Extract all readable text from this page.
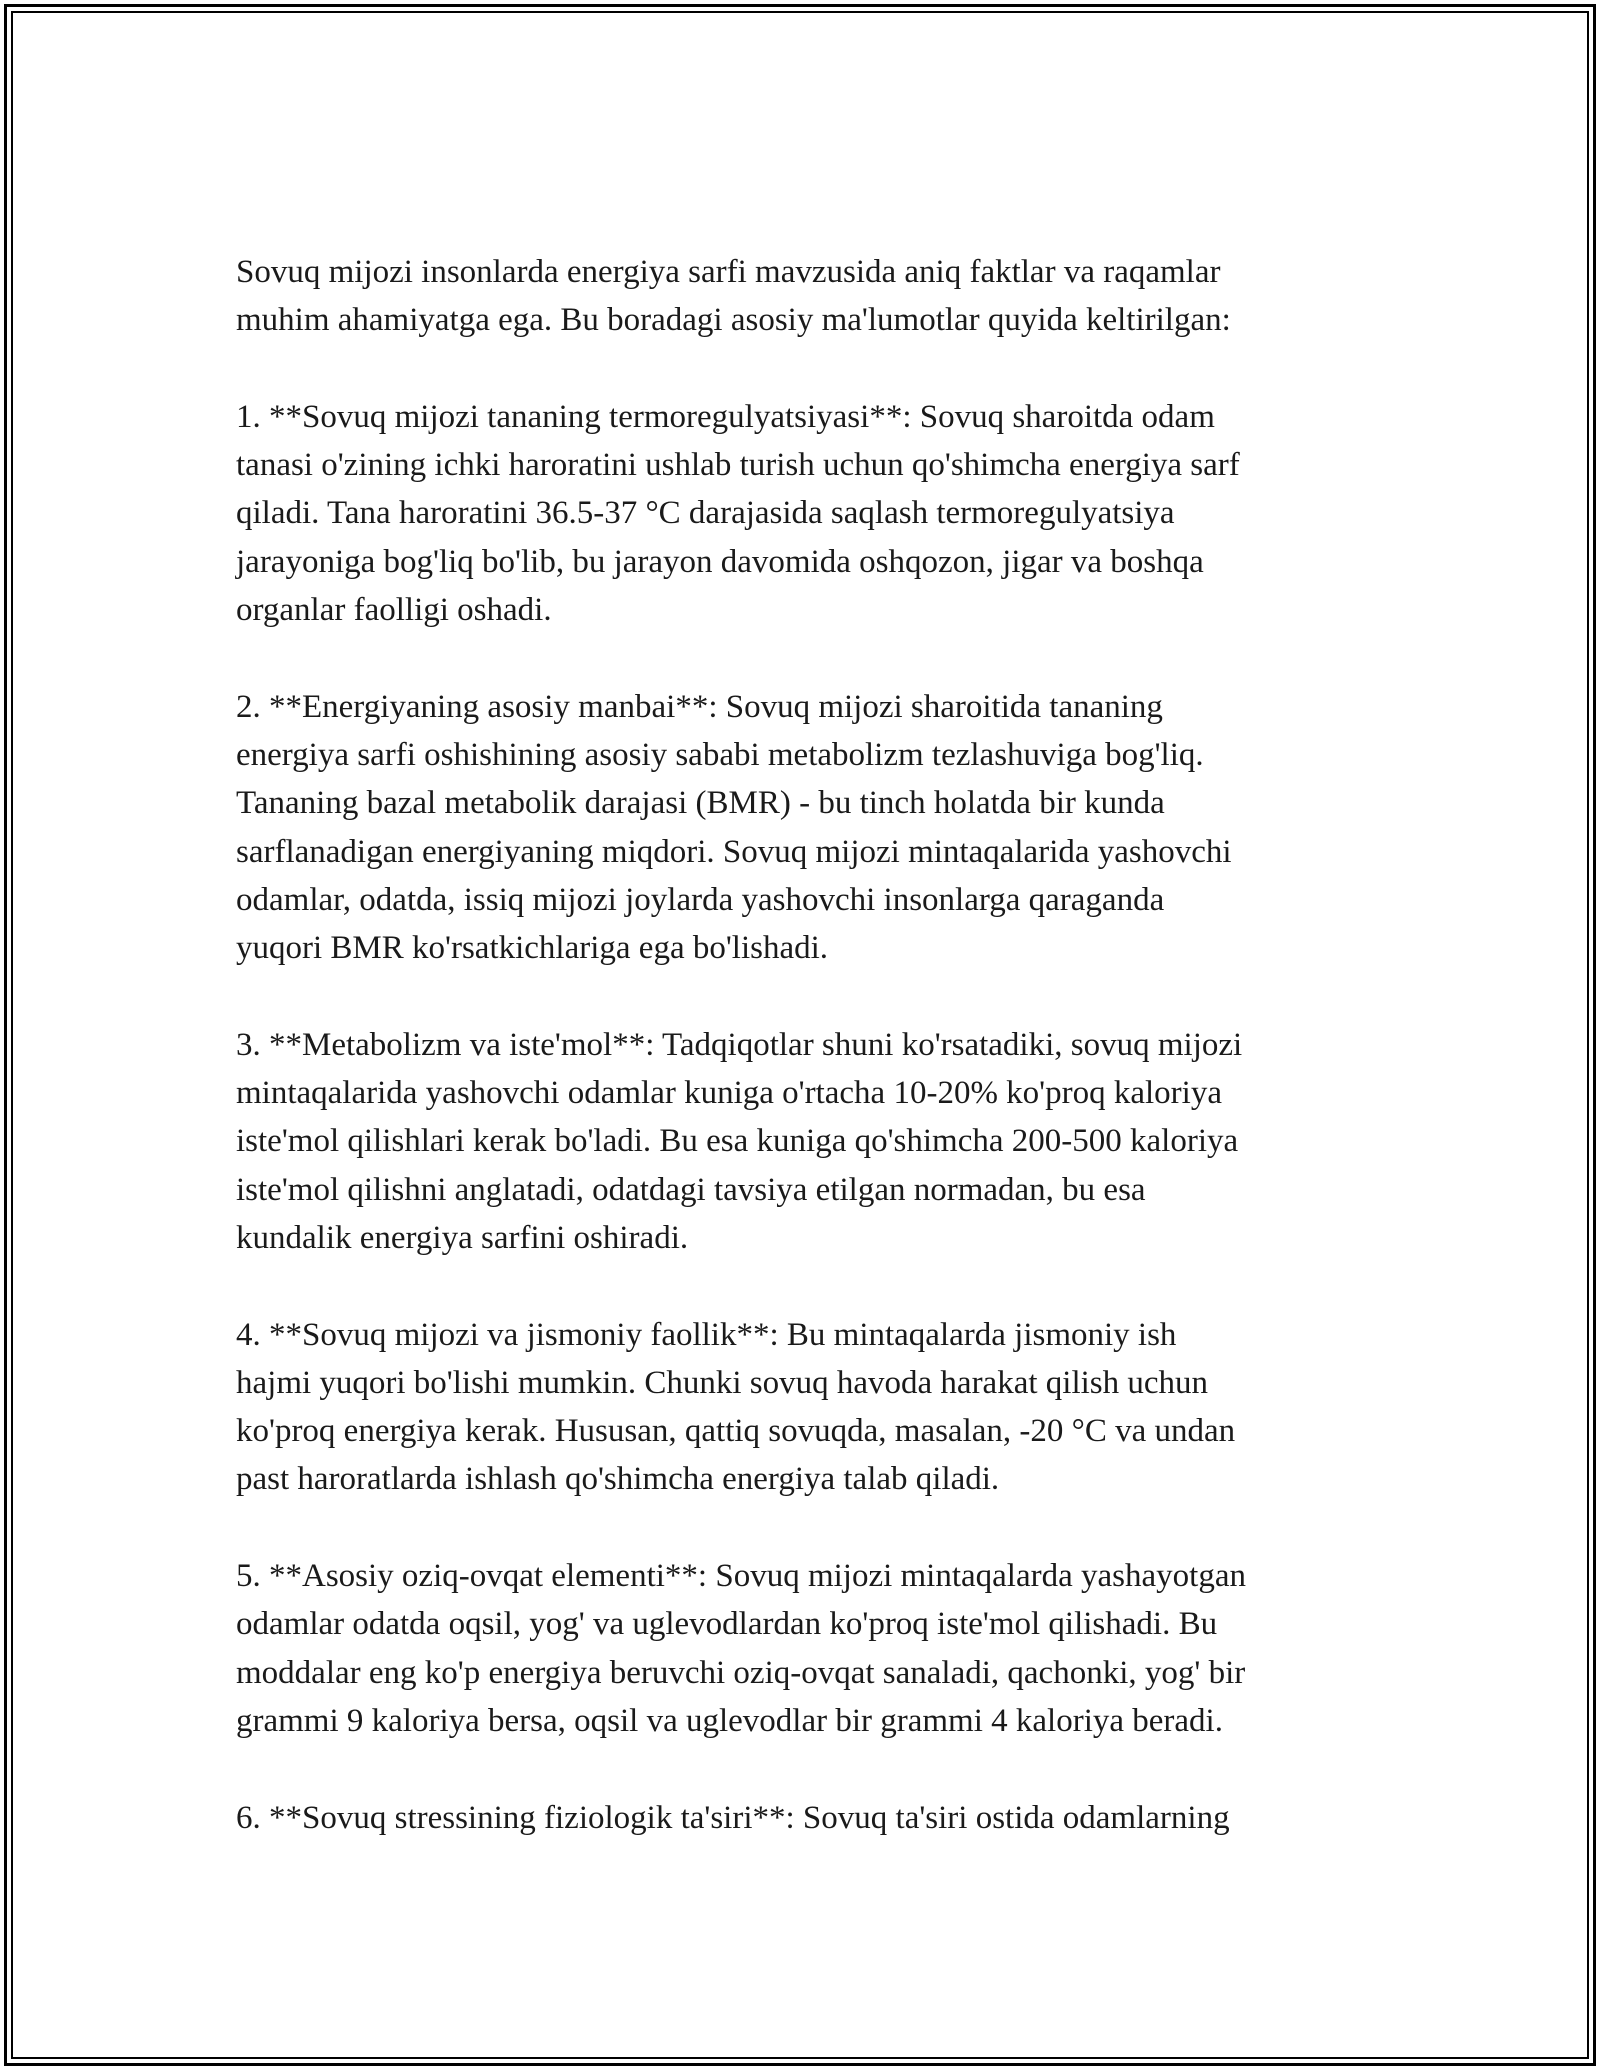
Sovuq mijozi insonlarda energiya sarfi mavzusida aniq faktlar va raqamlar
muhim ahamiyatga ega. Bu boradagi asosiy ma'lumotlar quyida keltirilgan:
1. **Sovuq mijozi tananing termoregulyatsiyasi**: Sovuq sharoitda odam
tanasi o'zining ichki haroratini ushlab turish uchun qo'shimcha energiya sarf
qiladi. Tana haroratini 36.5-37 °C darajasida saqlash termoregulyatsiya
jarayoniga bog'liq bo'lib, bu jarayon davomida oshqozon, jigar va boshqa
organlar faolligi oshadi.
2. **Energiyaning asosiy manbai**: Sovuq mijozi sharoitida tananing
energiya sarfi oshishining asosiy sababi metabolizm tezlashuviga bog'liq.
Tananing bazal metabolik darajasi (BMR) - bu tinch holatda bir kunda
sarflanadigan energiyaning miqdori. Sovuq mijozi mintaqalarida yashovchi
odamlar, odatda, issiq mijozi joylarda yashovchi insonlarga qaraganda
yuqori BMR ko'rsatkichlariga ega bo'lishadi.
3. **Metabolizm va iste'mol**: Tadqiqotlar shuni ko'rsatadiki, sovuq mijozi
mintaqalarida yashovchi odamlar kuniga o'rtacha 10-20% ko'proq kaloriya
iste'mol qilishlari kerak bo'ladi. Bu esa kuniga qo'shimcha 200-500 kaloriya
iste'mol qilishni anglatadi, odatdagi tavsiya etilgan normadan, bu esa
kundalik energiya sarfini oshiradi.
4. **Sovuq mijozi va jismoniy faollik**: Bu mintaqalarda jismoniy ish
hajmi yuqori bo'lishi mumkin. Chunki sovuq havoda harakat qilish uchun
ko'proq energiya kerak. Hususan, qattiq sovuqda, masalan, -20 °C va undan
past haroratlarda ishlash qo'shimcha energiya talab qiladi.
5. **Asosiy oziq-ovqat elementi**: Sovuq mijozi mintaqalarda yashayotgan
odamlar odatda oqsil, yog' va uglevodlardan ko'proq iste'mol qilishadi. Bu
moddalar eng ko'p energiya beruvchi oziq-ovqat sanaladi, qachonki, yog' bir
grammi 9 kaloriya bersa, oqsil va uglevodlar bir grammi 4 kaloriya beradi.
6. **Sovuq stressining fiziologik ta'siri**: Sovuq ta'siri ostida odamlarning
